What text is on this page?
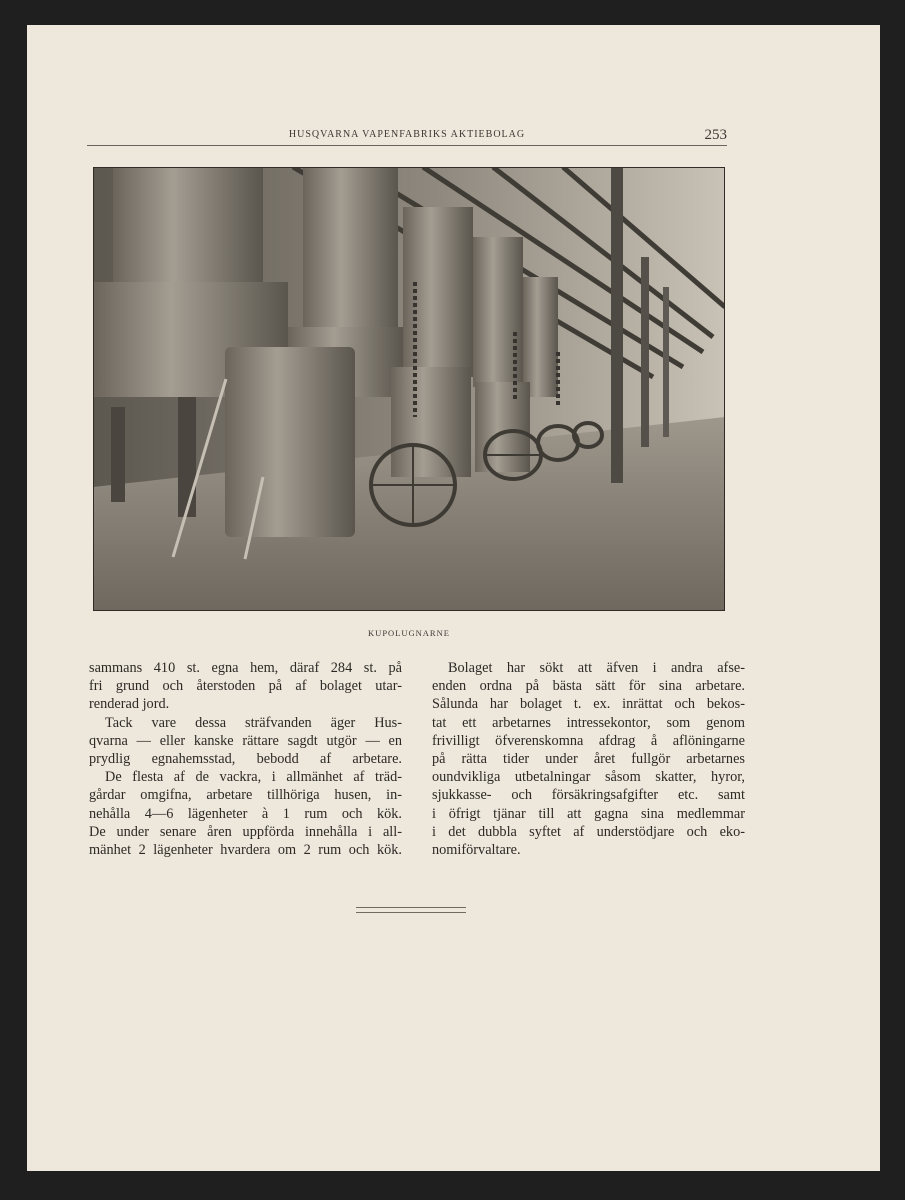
HUSQVARNA VAPENFABRIKS AKTIEBOLAG	253
KUPOLUGNARNE
sammans 410 st. egna hem, däraf 284 st. på
fri grund och återstoden på af bolaget utar-
renderad jord.
Tack vare dessa sträfvanden äger Hus-
qvarna — eller kanske rättare sagdt utgör — en
prydlig egnahemsstad, bebodd af arbetare.
De flesta af de vackra, i allmänhet af träd-
gårdar omgifna, arbetare tillhöriga husen, in-
nehålla 4—6 lägenheter à 1 rum och kök.
De under senare åren uppförda innehålla i all-
mänhet 2 lägenheter hvardera om 2 rum och kök.
Bolaget har sökt att äfven i andra afse-
enden ordna på bästa sätt för sina arbetare.
Sålunda har bolaget t. ex. inrättat och bekos-
tat ett arbetarnes intressekontor, som genom
frivilligt öfverenskomna afdrag å aflöningarne
på rätta tider under året fullgör arbetarnes
oundvikliga utbetalningar såsom skatter, hyror,
sjukkasse- och försäkringsafgifter etc. samt
i öfrigt tjänar till att gagna sina medlemmar
i det dubbla syftet af understödjare och eko-
nomiförvaltare.
